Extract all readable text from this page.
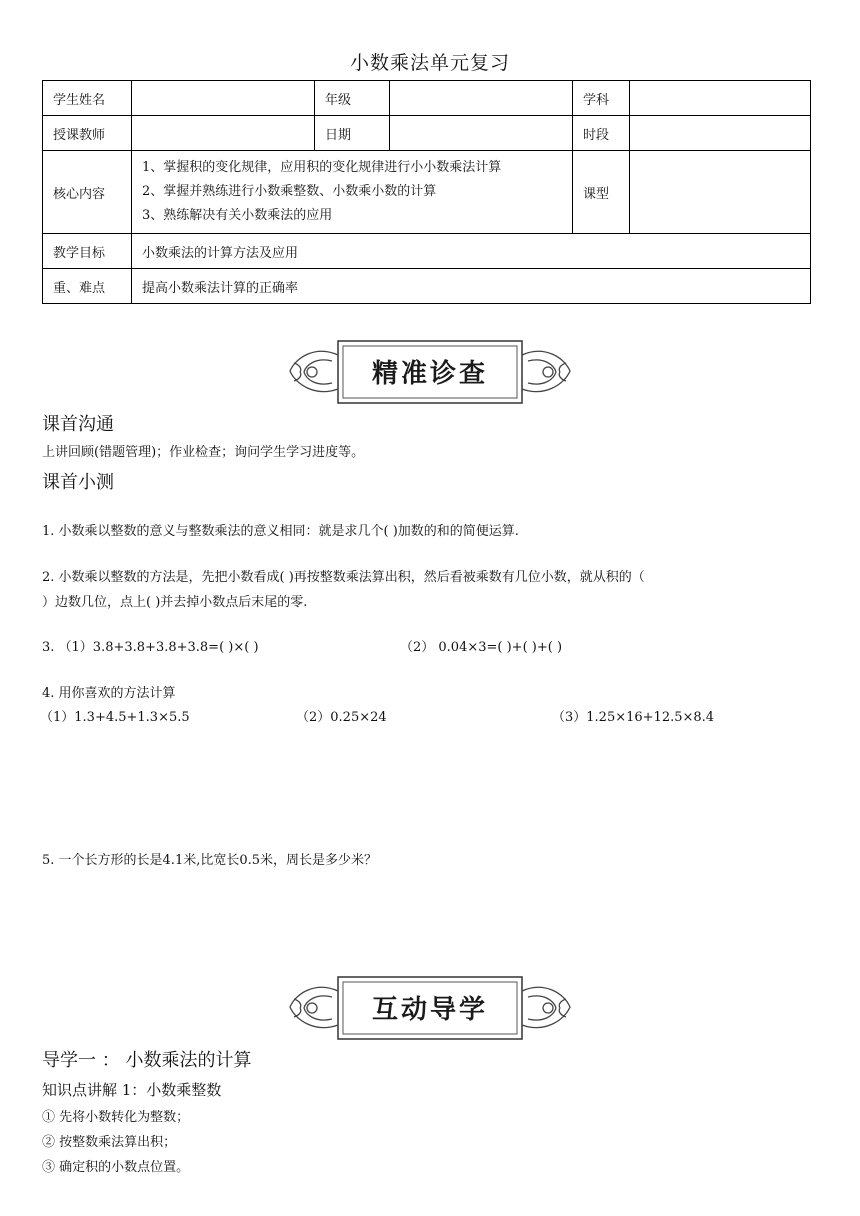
小数乘法单元复习
学生姓名		年级		学科	
授课教师		日期		时段	
核心内容	1、掌握积的变化规律，应用积的变化规律进行小小数乘法计算
2、掌握并熟练进行小数乘整数、小数乘小数的计算
3、熟练解决有关小数乘法的应用			课型	
教学目标	小数乘法的计算方法及应用				
重、难点	提高小数乘法计算的正确率				
精准诊查
课首沟通
上讲回顾(错题管理)；作业检查；询问学生学习进度等。
课首小测
1. 小数乘以整数的意义与整数乘法的意义相同：就是求几个( )加数的和的简便运算.
2. 小数乘以整数的方法是，先把小数看成( )再按整数乘法算出积，然后看被乘数有几位小数，就从积的（
）边数几位，点上( )并去掉小数点后末尾的零.
3. （1）3.8+3.8+3.8+3.8=( )×( )	（2） 0.04×3=( )+( )+( )
4. 用你喜欢的方法计算
（1）1.3+4.5+1.3×5.5	（2）0.25×24	（3）1.25×16+12.5×8.4
5. 一个长方形的长是4.1米,比宽长0.5米，周长是多少米？
互动导学
导学一 ： 小数乘法的计算
知识点讲解 1：小数乘整数
① 先将小数转化为整数；
② 按整数乘法算出积；
③ 确定积的小数点位置。
